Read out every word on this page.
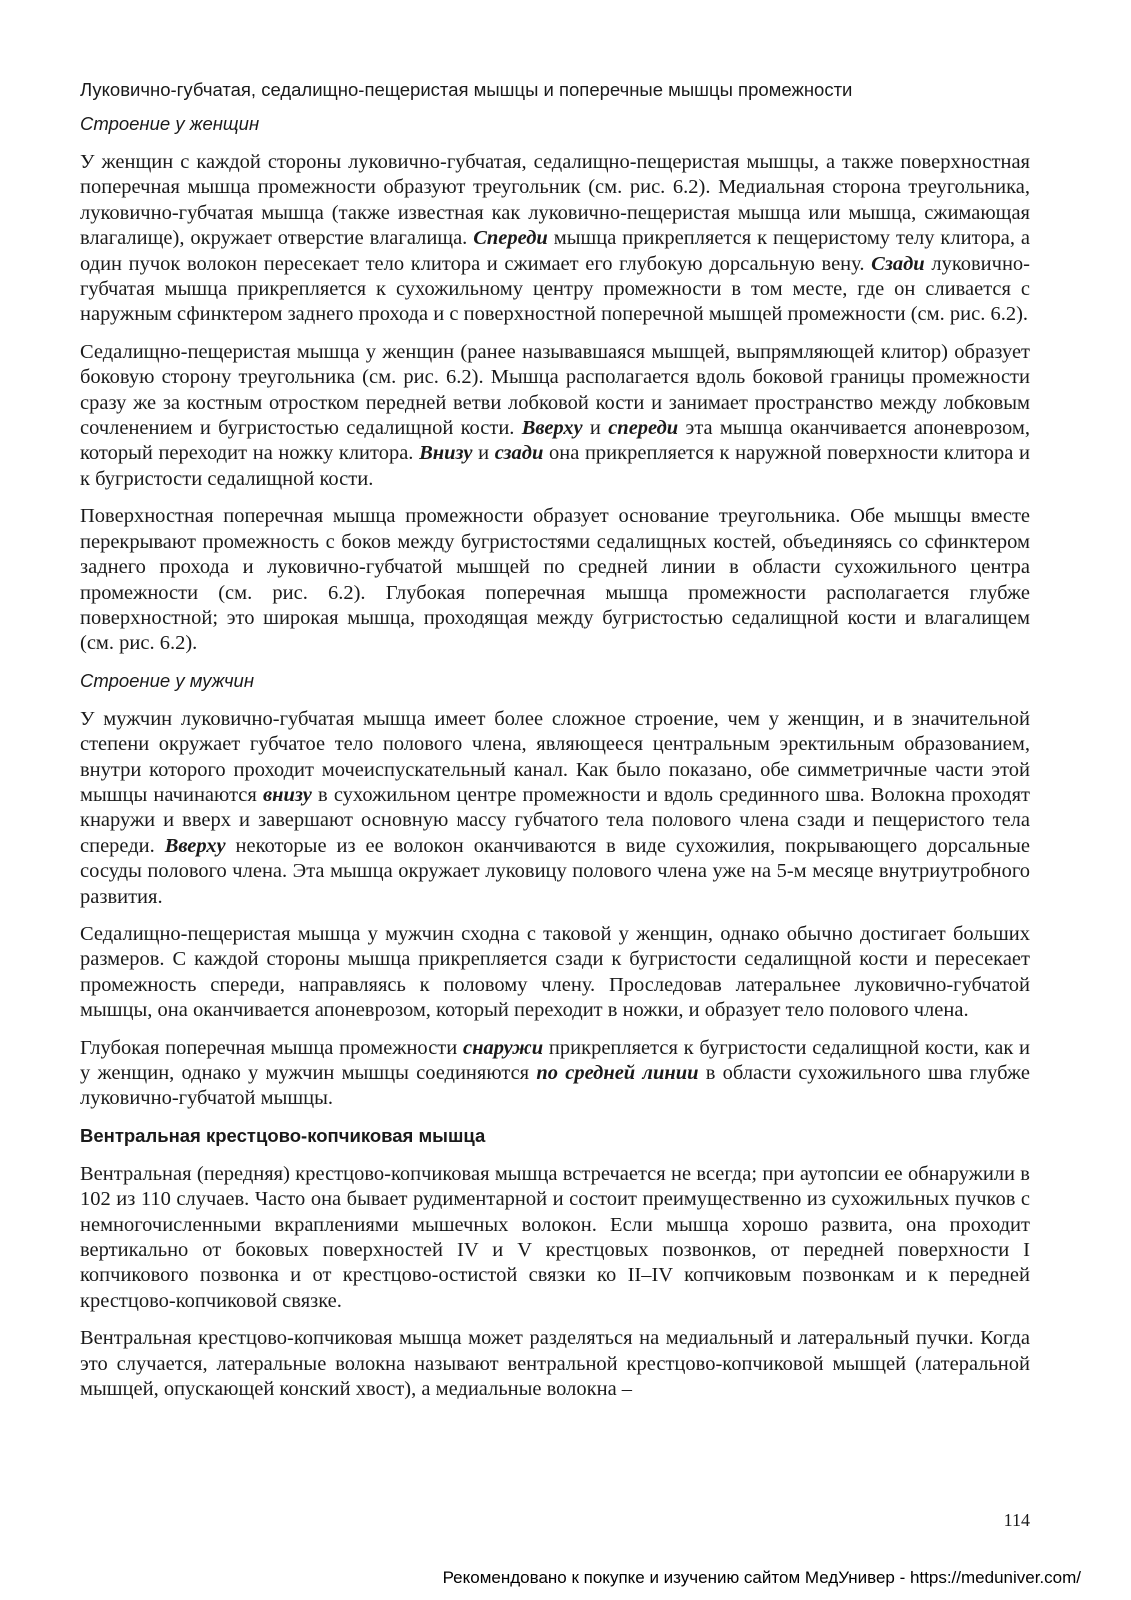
Луковично-губчатая, седалищно-пещеристая мышцы и поперечные мышцы промежности
Строение у женщин

У женщин с каждой стороны луковично-губчатая, седалищно-пещеристая мышцы, а также поверхностная поперечная мышца промежности образуют треугольник (см. рис. 6.2). Медиальная сторона треугольника, луковично-губчатая мышца (также известная как луковично-пещеристая мышца или мышца, сжимающая влагалище), окружает отверстие влагалища. Спереди мышца прикрепляется к пещеристому телу клитора, а один пучок волокон пересекает тело клитора и сжимает его глубокую дорсальную вену. Сзади луковично-губчатая мышца прикрепляется к сухожильному центру промежности в том месте, где он сливается с наружным сфинктером заднего прохода и с поверхностной поперечной мышцей промежности (см. рис. 6.2).

Седалищно-пещеристая мышца у женщин (ранее называвшаяся мышцей, выпрямляющей клитор) образует боковую сторону треугольника (см. рис. 6.2). Мышца располагается вдоль боковой границы промежности сразу же за костным отростком передней ветви лобковой кости и занимает пространство между лобковым сочленением и бугристостью седалищной кости. Вверху и спереди эта мышца оканчивается апоневрозом, который переходит на ножку клитора. Внизу и сзади она прикрепляется к наружной поверхности клитора и к бугристости седалищной кости.

Поверхностная поперечная мышца промежности образует основание треугольника. Обе мышцы вместе перекрывают промежность с боков между бугристостями седалищных костей, объединяясь со сфинктером заднего прохода и луковично-губчатой мышцей по средней линии в области сухожильного центра промежности (см. рис. 6.2). Глубокая поперечная мышца промежности располагается глубже поверхностной; это широкая мышца, проходящая между бугристостью седалищной кости и влагалищем (см. рис. 6.2).

Строение у мужчин

У мужчин луковично-губчатая мышца имеет более сложное строение, чем у женщин, и в значительной степени окружает губчатое тело полового члена, являющееся центральным эректильным образованием, внутри которого проходит мочеиспускательный канал. Как было показано, обе симметричные части этой мышцы начинаются внизу в сухожильном центре промежности и вдоль срединного шва. Волокна проходят кнаружи и вверх и завершают основную массу губчатого тела полового члена сзади и пещеристого тела спереди. Вверху некоторые из ее волокон оканчиваются в виде сухожилия, покрывающего дорсальные сосуды полового члена. Эта мышца окружает луковицу полового члена уже на 5-м месяце внутриутробного развития.

Седалищно-пещеристая мышца у мужчин сходна с таковой у женщин, однако обычно достигает больших размеров. С каждой стороны мышца прикрепляется сзади к бугристости седалищной кости и пересекает промежность спереди, направляясь к половому члену. Проследовав латеральнее луковично-губчатой мышцы, она оканчивается апоневрозом, который переходит в ножки, и образует тело полового члена.

Глубокая поперечная мышца промежности снаружи прикрепляется к бугристости седалищной кости, как и у женщин, однако у мужчин мышцы соединяются по средней линии в области сухожильного шва глубже луковично-губчатой мышцы.

Вентральная крестцово-копчиковая мышца

Вентральная (передняя) крестцово-копчиковая мышца встречается не всегда; при аутопсии ее обнаружили в 102 из 110 случаев. Часто она бывает рудиментарной и состоит преимущественно из сухожильных пучков с немногочисленными вкраплениями мышечных волокон. Если мышца хорошо развита, она проходит вертикально от боковых поверхностей IV и V крестцовых позвонков, от передней поверхности I копчикового позвонка и от крестцово-остистой связки ко II–IV копчиковым позвонкам и к передней крестцово-копчиковой связке.

Вентральная крестцово-копчиковая мышца может разделяться на медиальный и латеральный пучки. Когда это случается, латеральные волокна называют вентральной крестцово-копчиковой мышцей (латеральной мышцей, опускающей конский хвост), а медиальные волокна –

114
Рекомендовано к покупке и изучению сайтом МедУнивер - https://meduniver.com/
